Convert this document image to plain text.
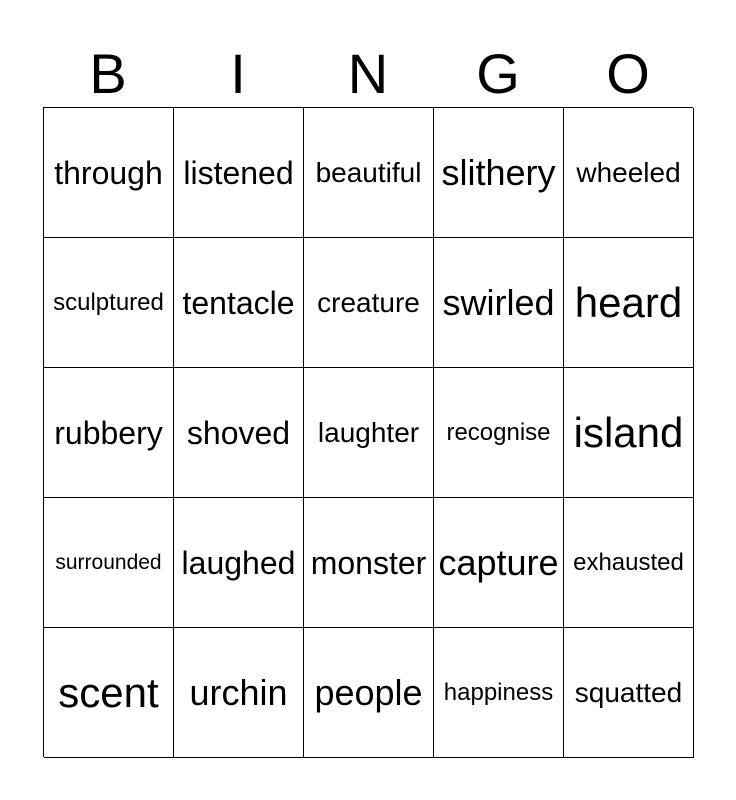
B	I	N	G	O
through listened beautiful slithery wheeled
sculptured tentacle creature swirled heard
rubbery shoved laughter	recognise island
surrounded laughed monster capture exhausted
scent urchin people happiness squatted
